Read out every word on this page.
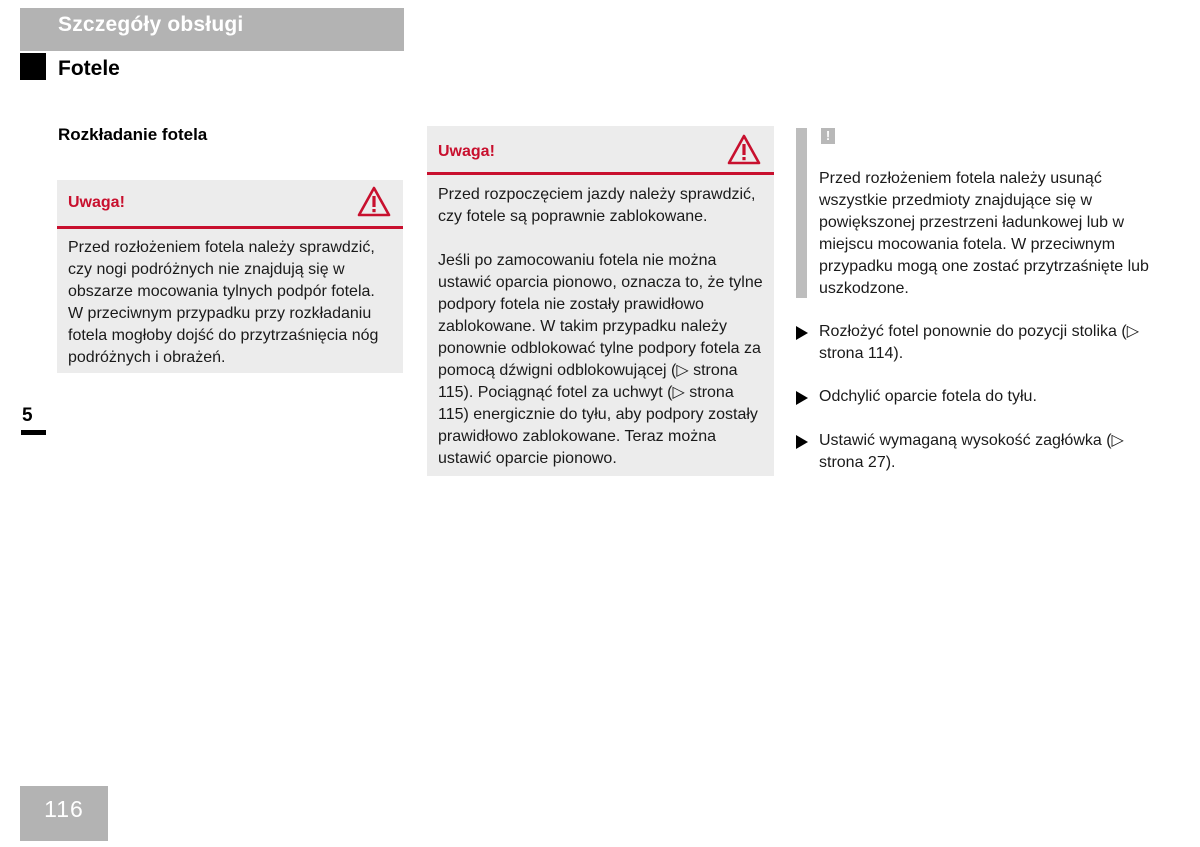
Szczegóły obsługi
Fotele
Rozkładanie fotela
Uwaga!
Przed rozłożeniem fotela należy sprawdzić, czy nogi podróżnych nie znajdują się w obszarze mocowania tylnych podpór fotela. W przeciwnym przypadku przy rozkładaniu fotela mogłoby dojść do przytrzaśnięcia nóg podróżnych i obrażeń.
Uwaga!

Przed rozpoczęciem jazdy należy sprawdzić, czy fotele są poprawnie zablokowane.

Jeśli po zamocowaniu fotela nie można ustawić oparcia pionowo, oznacza to, że tylne podpory fotela nie zostały prawidłowo zablokowane. W takim przypadku należy ponownie odblokować tylne podpory fotela za pomocą dźwigni odblokowującej (▷ strona 115). Pociągnąć fotel za uchwyt (▷ strona 115) energicznie do tyłu, aby podpory zostały prawidłowo zablokowane. Teraz można ustawić oparcie pionowo.

!
Przed rozłożeniem fotela należy usunąć wszystkie przedmioty znajdujące się w powiększonej przestrzeni ładunkowej lub w miejscu mocowania fotela. W przeciwnym przypadku mogą one zostać przytrzaśnięte lub uszkodzone.
Rozłożyć fotel ponownie do pozycji stolika (▷ strona 114).
Odchylić oparcie fotela do tyłu.
Ustawić wymaganą wysokość zagłówka (▷ strona 27).
5
116
